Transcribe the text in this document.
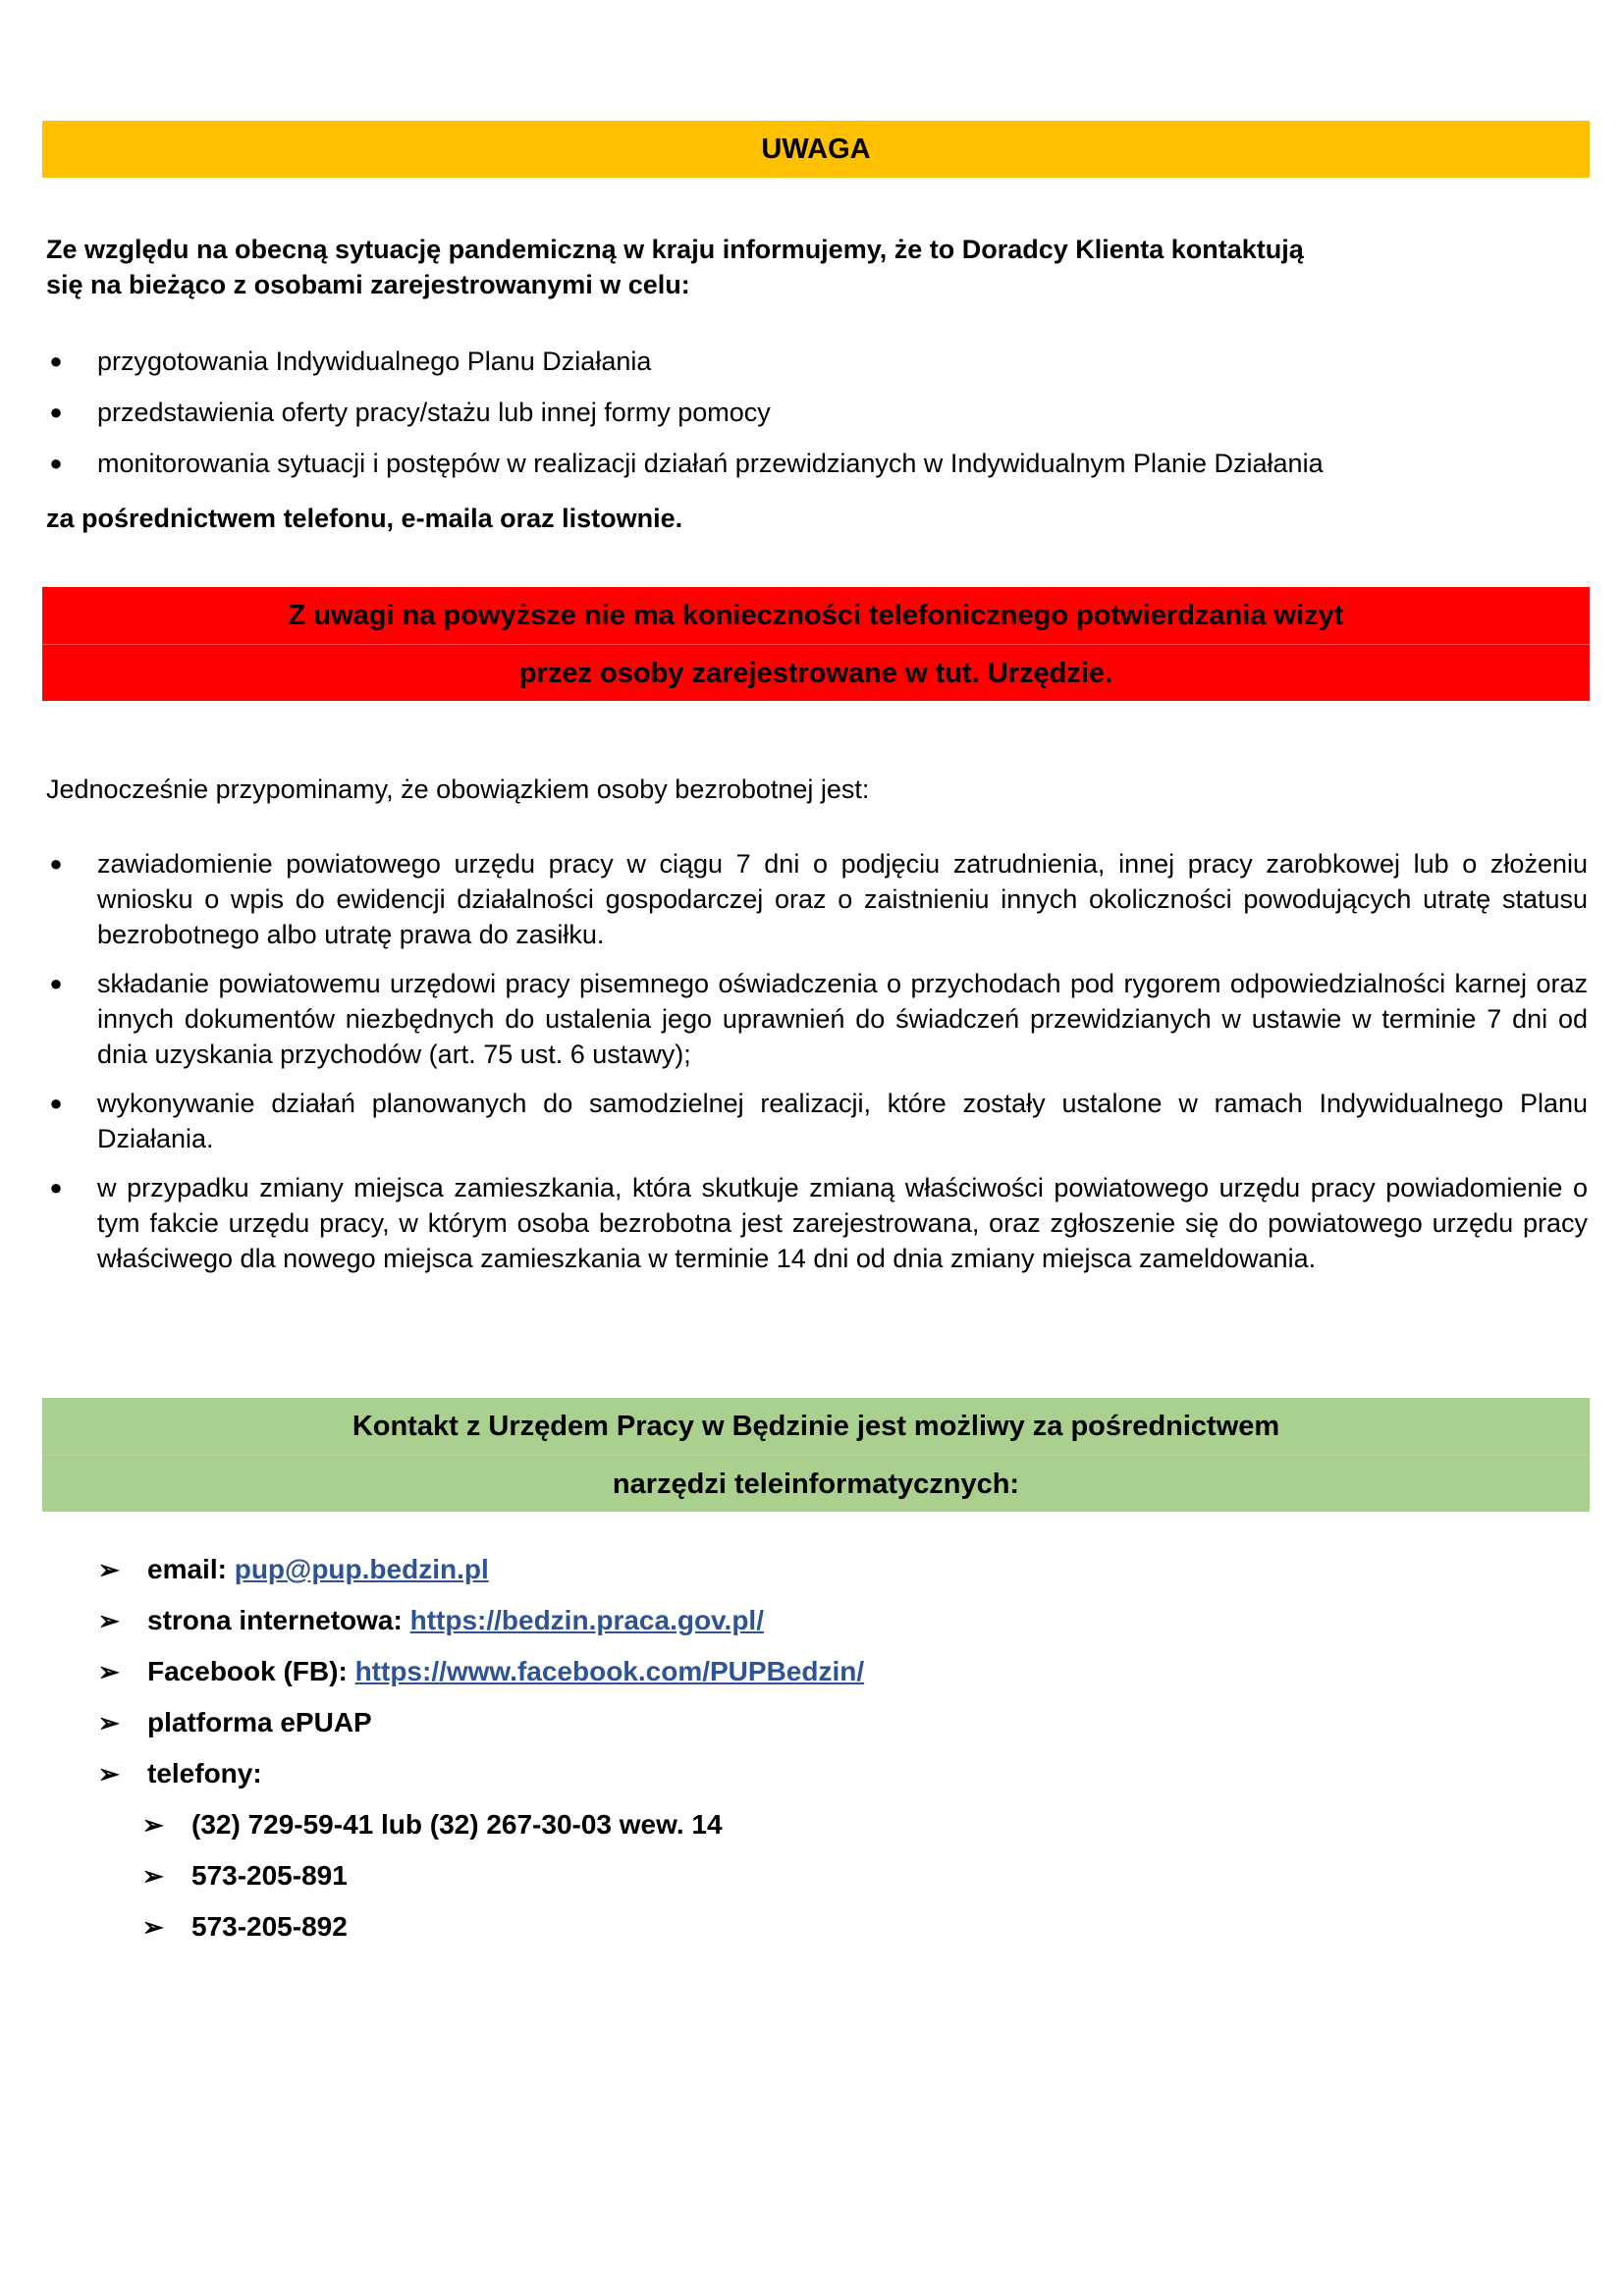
UWAGA
Ze względu na obecną sytuację pandemiczną w kraju informujemy, że to Doradcy Klienta kontaktują
się na bieżąco z osobami zarejestrowanymi w celu:
● przygotowania Indywidualnego Planu Działania
● przedstawienia oferty pracy/stażu lub innej formy pomocy
● monitorowania sytuacji i postępów w realizacji działań przewidzianych w Indywidualnym Planie Działania
za pośrednictwem telefonu, e-maila oraz listownie.
Z uwagi na powyższe nie ma konieczności telefonicznego potwierdzania wizyt
przez osoby zarejestrowane w tut. Urzędzie.
Jednocześnie przypominamy, że obowiązkiem osoby bezrobotnej jest:
● zawiadomienie powiatowego urzędu pracy w ciągu 7 dni o podjęciu zatrudnienia, innej pracy zarobkowej lub o złożeniu wniosku o wpis do ewidencji działalności gospodarczej oraz o zaistnieniu innych okoliczności powodujących utratę statusu bezrobotnego albo utratę prawa do zasiłku.
● składanie powiatowemu urzędowi pracy pisemnego oświadczenia o przychodach pod rygorem odpowiedzialności karnej oraz innych dokumentów niezbędnych do ustalenia jego uprawnień do świadczeń przewidzianych w ustawie w terminie 7 dni od dnia uzyskania przychodów (art. 75 ust. 6 ustawy);
● wykonywanie działań planowanych do samodzielnej realizacji, które zostały ustalone w ramach Indywidualnego Planu Działania.
● w przypadku zmiany miejsca zamieszkania, która skutkuje zmianą właściwości powiatowego urzędu pracy powiadomienie o tym fakcie urzędu pracy, w którym osoba bezrobotna jest zarejestrowana, oraz zgłoszenie się do powiatowego urzędu pracy właściwego dla nowego miejsca zamieszkania w terminie 14 dni od dnia zmiany miejsca zameldowania.
Kontakt z Urzędem Pracy w Będzinie jest możliwy za pośrednictwem
narzędzi teleinformatycznych:
➢ email: pup@pup.bedzin.pl
➢ strona internetowa: https://bedzin.praca.gov.pl/
➢ Facebook (FB): https://www.facebook.com/PUPBedzin/
➢ platforma ePUAP
➢ telefony:
➢ (32) 729-59-41 lub (32) 267-30-03 wew. 14
➢ 573-205-891
➢ 573-205-892
